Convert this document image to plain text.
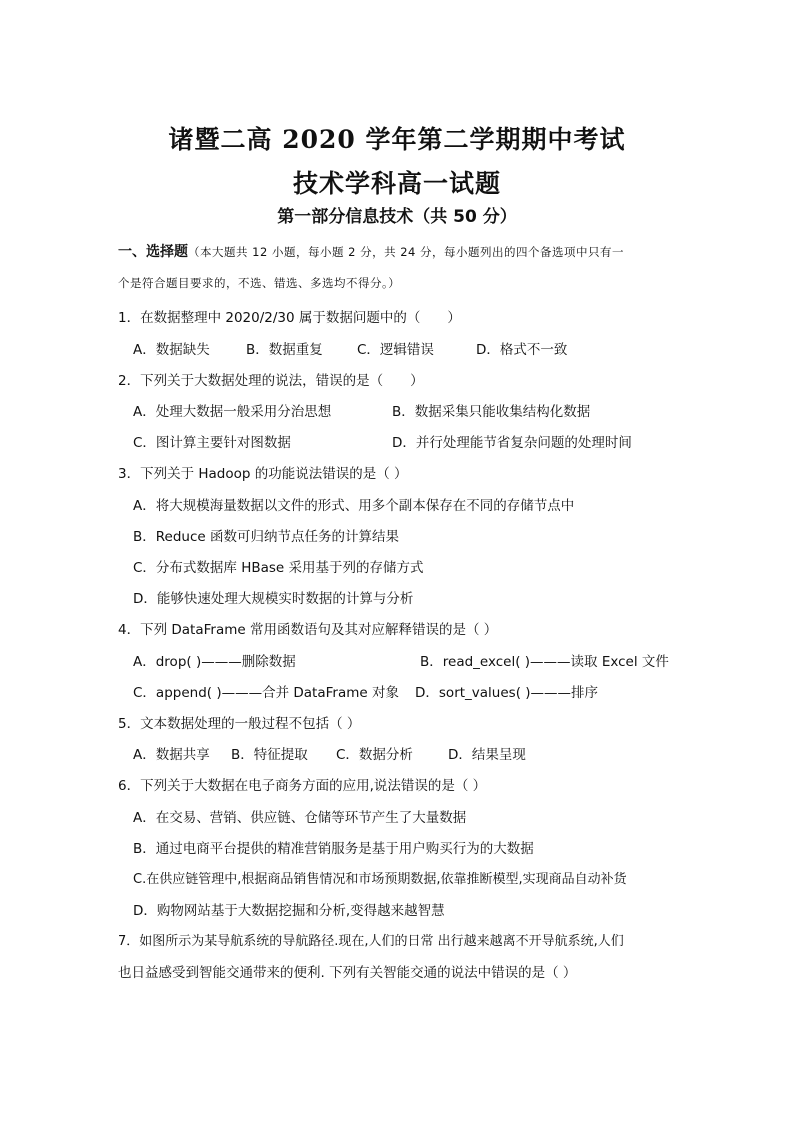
诸暨二高 2020 学年第二学期期中考试
技术学科高一试题
第一部分信息技术（共 50 分）
一、选择题（本大题共 12 小题，每小题 2 分，共 24 分，每小题列出的四个备选项中只有一
个是符合题目要求的，不选、错选、多选均不得分。）
1．在数据整理中 2020/2/30 属于数据问题中的（　　）
A．数据缺失	B．数据重复	C．逻辑错误	D．格式不一致
2．下列关于大数据处理的说法，错误的是（　　）
A．处理大数据一般采用分治思想	B．数据采集只能收集结构化数据
C．图计算主要针对图数据	D．并行处理能节省复杂问题的处理时间
3．下列关于 Hadoop 的功能说法错误的是（ ）
A．将大规模海量数据以文件的形式、用多个副本保存在不同的存储节点中
B．Reduce 函数可归纳节点任务的计算结果
C．分布式数据库 HBase 采用基于列的存储方式
D．能够快速处理大规模实时数据的计算与分析
4．下列 DataFrame 常用函数语句及其对应解释错误的是（ ）
A．drop( )———删除数据	B．read_excel( )———读取 Excel 文件
C．append( )———合并 DataFrame 对象 D．sort_values( )———排序
5．文本数据处理的一般过程不包括（ ）
A．数据共享 B．特征提取 C．数据分析	D．结果呈现
6．下列关于大数据在电子商务方面的应用,说法错误的是（ ）
A．在交易、营销、供应链、仓储等环节产生了大量数据
B．通过电商平台提供的精准营销服务是基于用户购买行为的大数据
C.在供应链管理中,根据商品销售情况和市场预期数据,依靠推断模型,实现商品自动补货
D．购物网站基于大数据挖掘和分析,变得越来越智慧
7．如图所示为某导航系统的导航路径.现在,人们的日常 出行越来越离不开导航系统,人们
也日益感受到智能交通带来的便利. 下列有关智能交通的说法中错误的是（ ）
